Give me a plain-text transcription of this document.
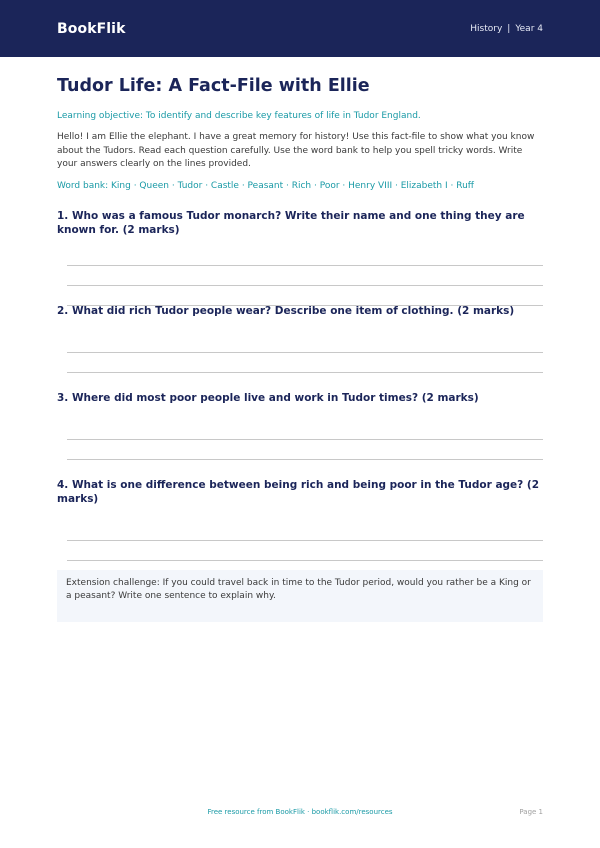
BookFlik	History | Year 4
Tudor Life: A Fact-File with Ellie
Learning objective: To identify and describe key features of life in Tudor England.
Hello! I am Ellie the elephant. I have a great memory for history! Use this fact-file to show what you know about the Tudors. Read each question carefully. Use the word bank to help you spell tricky words. Write your answers clearly on the lines provided.
Word bank: King · Queen · Tudor · Castle · Peasant · Rich · Poor · Henry VIII · Elizabeth I · Ruff
1. Who was a famous Tudor monarch? Write their name and one thing they are known for. (2 marks)
2. What did rich Tudor people wear? Describe one item of clothing. (2 marks)
3. Where did most poor people live and work in Tudor times? (2 marks)
4. What is one difference between being rich and being poor in the Tudor age? (2 marks)
Extension challenge: If you could travel back in time to the Tudor period, would you rather be a King or a peasant? Write one sentence to explain why.
Free resource from BookFlik · bookflik.com/resources	Page 1
